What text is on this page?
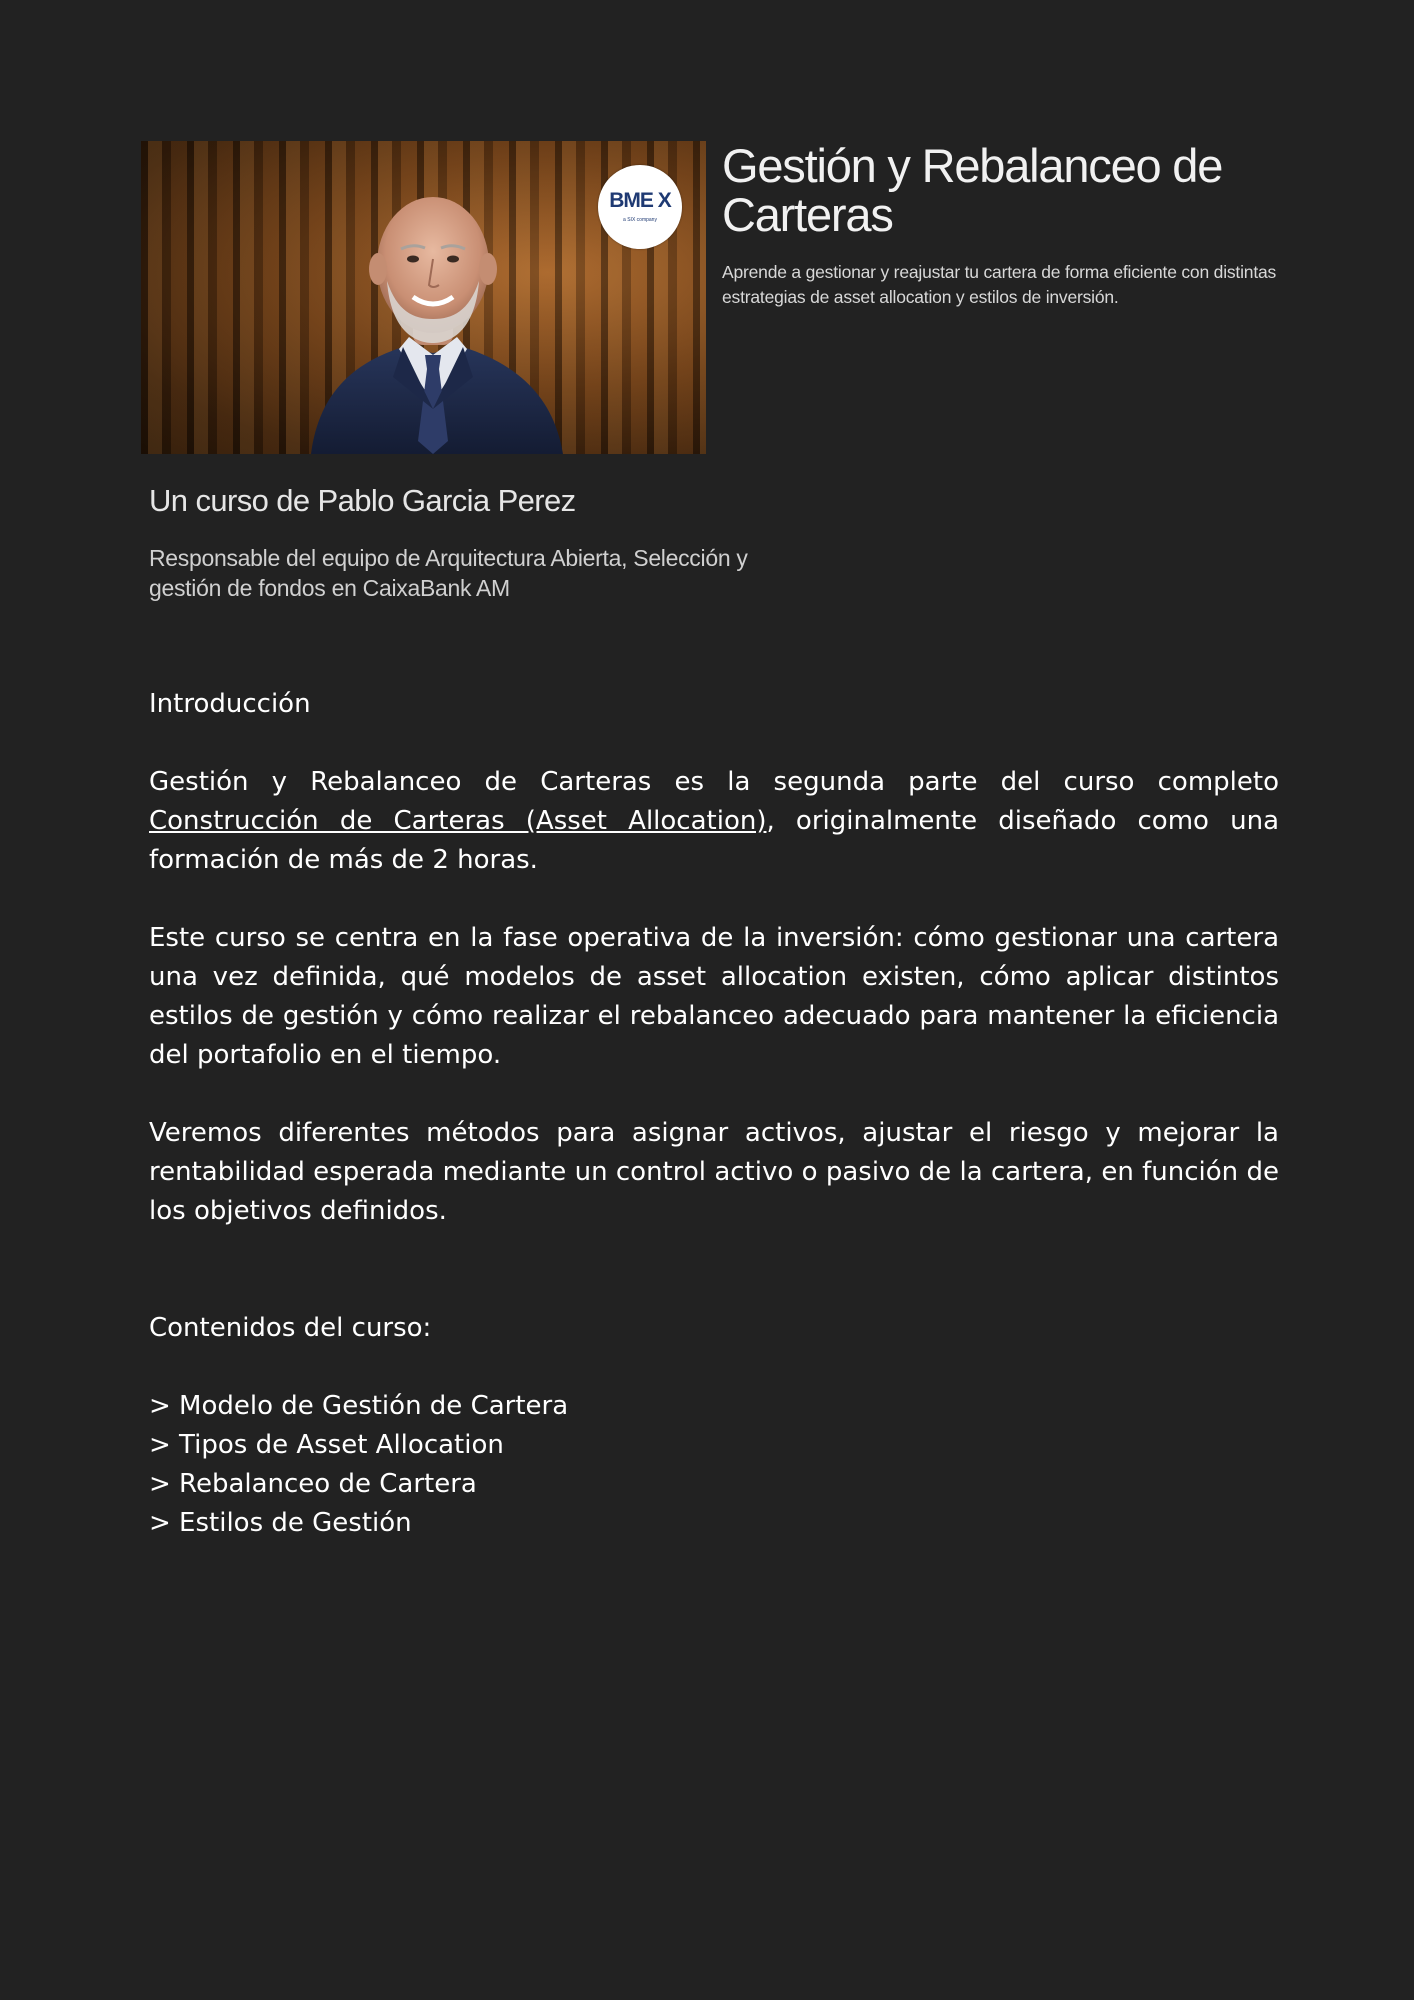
BME X
a SIX company
Gestión y Rebalanceo de Carteras

Aprende a gestionar y reajustar tu cartera de forma eficiente con distintas estrategias de asset allocation y estilos de inversión.

Un curso de Pablo Garcia Perez

Responsable del equipo de Arquitectura Abierta, Selección y gestión de fondos en CaixaBank AM

Introducción

Gestión y Rebalanceo de Carteras es la segunda parte del curso completo Construcción de Carteras (Asset Allocation), originalmente diseñado como una formación de más de 2 horas.

Este curso se centra en la fase operativa de la inversión: cómo gestionar una cartera una vez definida, qué modelos de asset allocation existen, cómo aplicar distintos estilos de gestión y cómo realizar el rebalanceo adecuado para mantener la eficiencia del portafolio en el tiempo.

Veremos diferentes métodos para asignar activos, ajustar el riesgo y mejorar la rentabilidad esperada mediante un control activo o pasivo de la cartera, en función de los objetivos definidos.

Contenidos del curso:
> Modelo de Gestión de Cartera
> Tipos de Asset Allocation
> Rebalanceo de Cartera
> Estilos de Gestión
